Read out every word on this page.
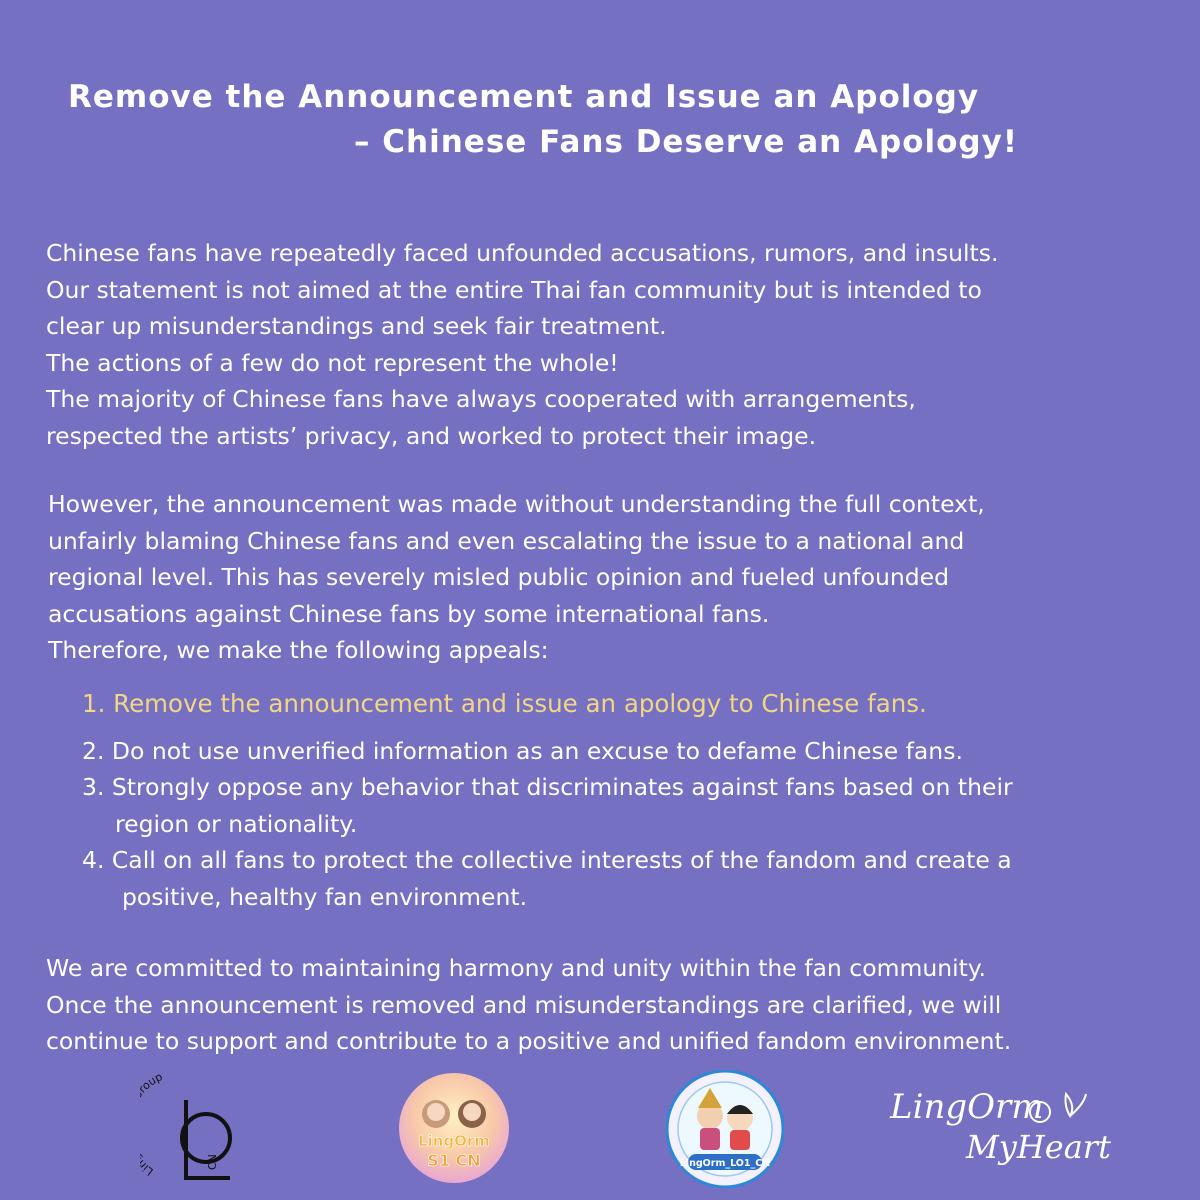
Remove the Announcement and Issue an Apology
– Chinese Fans Deserve an Apology!
Chinese fans have repeatedly faced unfounded accusations, rumors, and insults.
Our statement is not aimed at the entire Thai fan community but is intended to
clear up misunderstandings and seek fair treatment.
The actions of a few do not represent the whole!
The majority of Chinese fans have always cooperated with arrangements,
respected the artists’ privacy, and worked to protect their image.
However, the announcement was made without understanding the full context,
unfairly blaming Chinese fans and even escalating the issue to a national and
regional level. This has severely misled public opinion and fueled unfounded
accusations against Chinese fans by some international fans.
Therefore, we make the following appeals:
1. Remove the announcement and issue an apology to Chinese fans.
2. Do not use unverified information as an excuse to defame Chinese fans.
3. Strongly oppose any behavior that discriminates against fans based on their
region or nationality.
4. Call on all fans to protect the collective interests of the fandom and create a
positive, healthy fan environment.
We are committed to maintaining harmony and unity within the fan community.
Once the announcement is removed and misunderstandings are clarified, we will
continue to support and contribute to a positive and unified fandom environment.
Li oup
CN
LingOrm
S1 CN	LingOrm_LO1_CN
LingOrm
MyHeart
